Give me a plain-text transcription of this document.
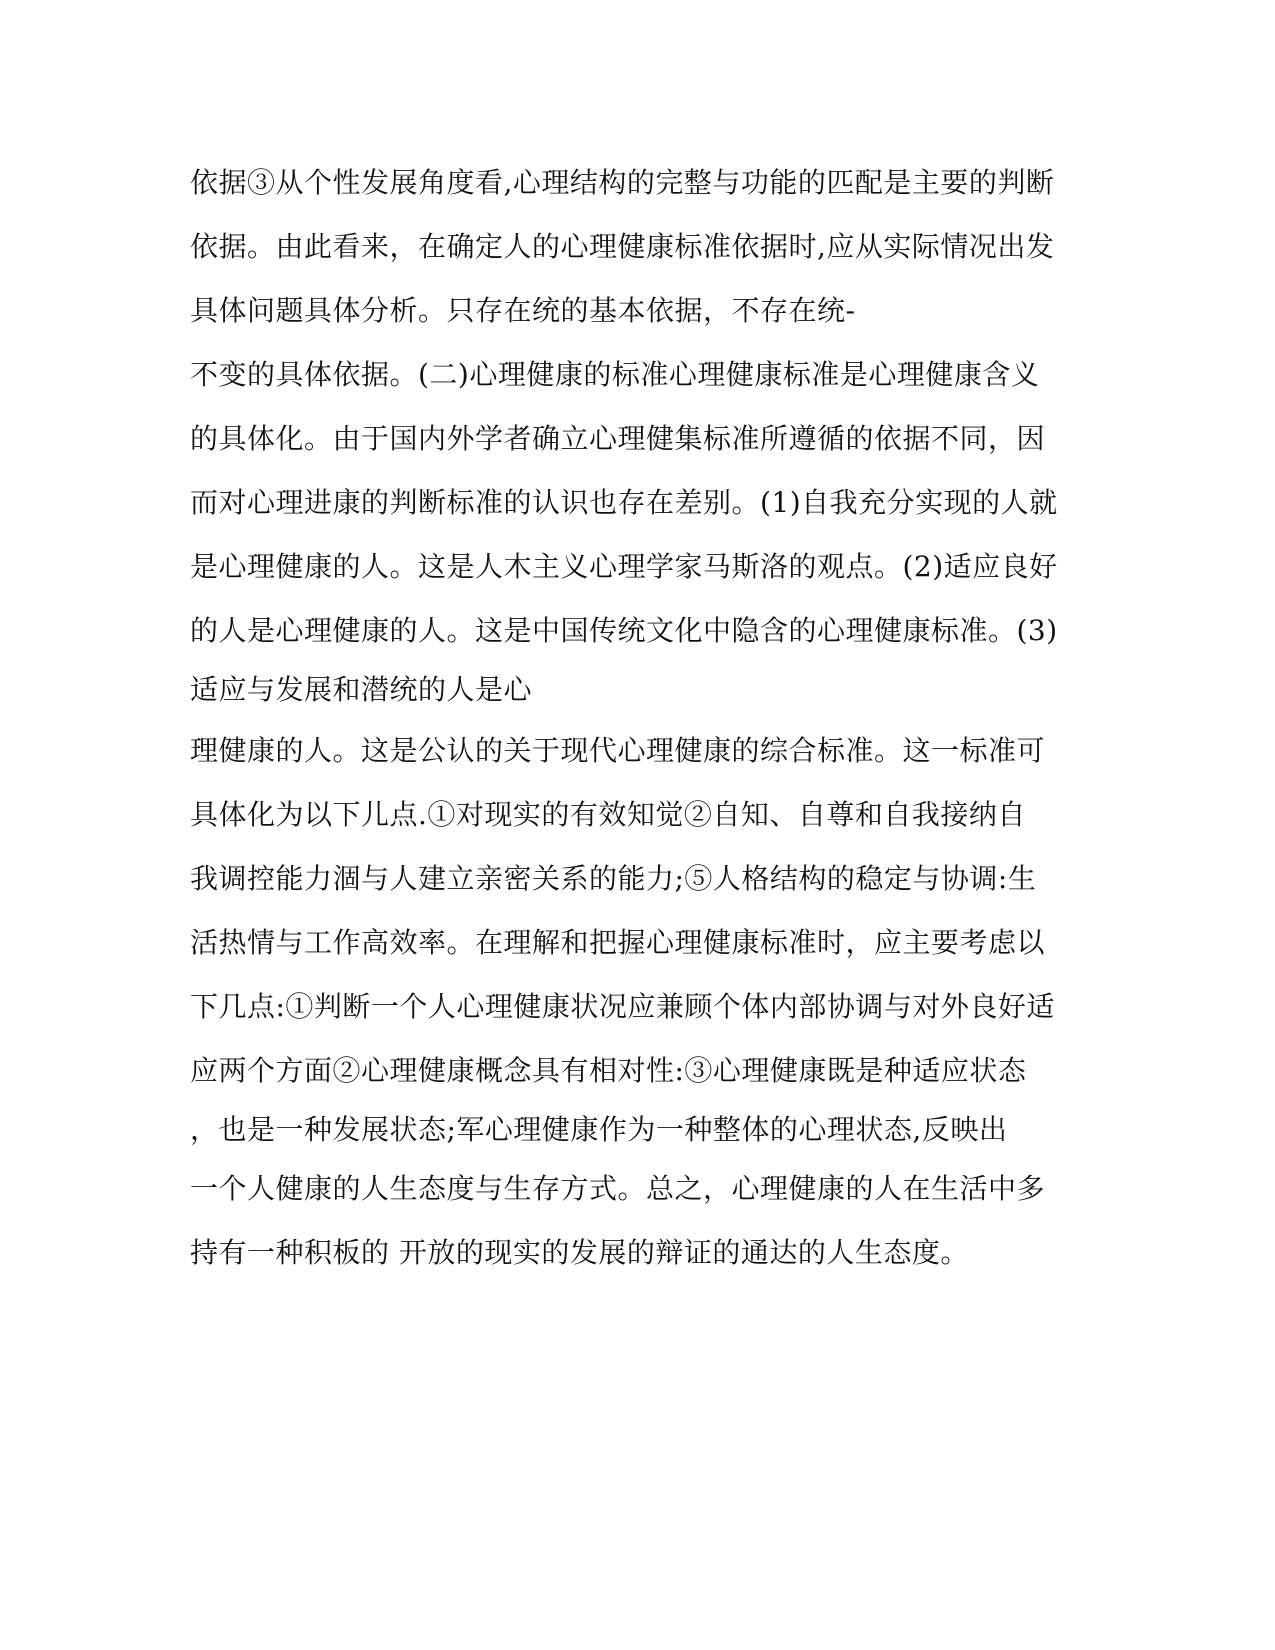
依据③从个性发展角度看,心理结构的完整与功能的匹配是主要的判断
依据。由此看来，在确定人的心理健康标准依据时,应从实际情况出发
具体问题具体分析。只存在统的基本依据，不存在统-
不变的具体依据。(二)心理健康的标准心理健康标准是心理健康含义
的具体化。由于国内外学者确立心理健集标准所遵循的依据不同，因
而对心理进康的判断标准的认识也存在差别。(1)自我充分实现的人就
是心理健康的人。这是人木主义心理学家马斯洛的观点。(2)适应良好
的人是心理健康的人。这是中国传统文化中隐含的心理健康标准。(3)
适应与发展和潜统的人是心
理健康的人。这是公认的关于现代心理健康的综合标准。这一标准可
具体化为以下儿点.①对现实的有效知觉②自知、自尊和自我接纳自
我调控能力涸与人建立亲密关系的能力;⑤人格结构的稳定与协调:生
活热情与工作高效率。在理解和把握心理健康标准时，应主要考虑以
下几点:①判断一个人心理健康状况应兼顾个体内部协调与对外良好适
应两个方面②心理健康概念具有相对性:③心理健康既是种适应状态
，也是一种发展状态;军心理健康作为一种整体的心理状态,反映出
一个人健康的人生态度与生存方式。总之，心理健康的人在生活中多
持有一种积板的 开放的现实的发展的辩证的通达的人生态度。
